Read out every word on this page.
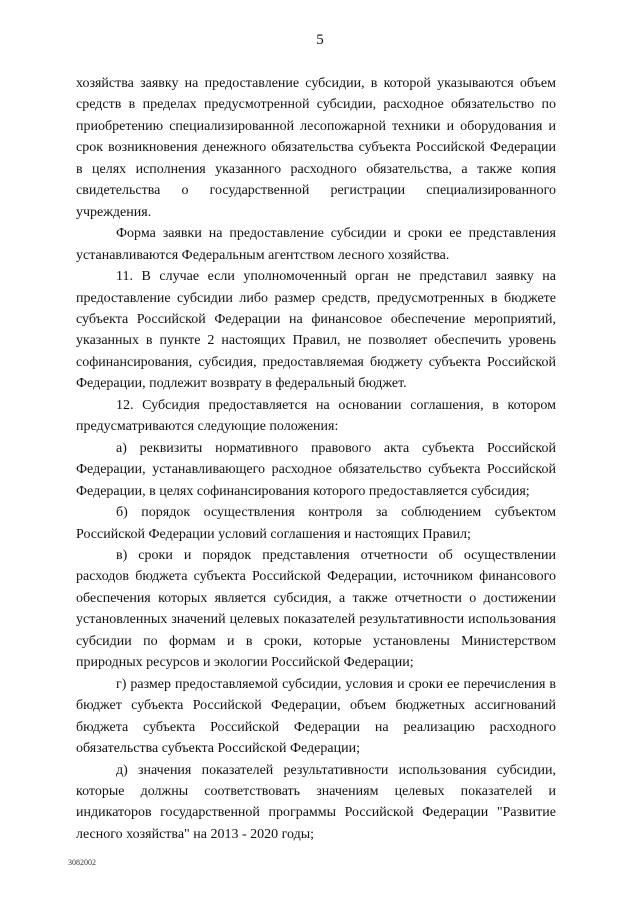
5

хозяйства заявку на предоставление субсидии, в которой указываются объем средств в пределах предусмотренной субсидии, расходное обязательство по приобретению специализированной лесопожарной техники и оборудования и срок возникновения денежного обязательства субъекта Российской Федерации в целях исполнения указанного расходного обязательства, а также копия свидетельства о государственной регистрации специализированного учреждения.

Форма заявки на предоставление субсидии и сроки ее представления устанавливаются Федеральным агентством лесного хозяйства.

11. В случае если уполномоченный орган не представил заявку на предоставление субсидии либо размер средств, предусмотренных в бюджете субъекта Российской Федерации на финансовое обеспечение мероприятий, указанных в пункте 2 настоящих Правил, не позволяет обеспечить уровень софинансирования, субсидия, предоставляемая бюджету субъекта Российской Федерации, подлежит возврату в федеральный бюджет.

12. Субсидия предоставляется на основании соглашения, в котором предусматриваются следующие положения:

а) реквизиты нормативного правового акта субъекта Российской Федерации, устанавливающего расходное обязательство субъекта Российской Федерации, в целях софинансирования которого предоставляется субсидия;

б) порядок осуществления контроля за соблюдением субъектом Российской Федерации условий соглашения и настоящих Правил;

в) сроки и порядок представления отчетности об осуществлении расходов бюджета субъекта Российской Федерации, источником финансового обеспечения которых является субсидия, а также отчетности о достижении установленных значений целевых показателей результативности использования субсидии по формам и в сроки, которые установлены Министерством природных ресурсов и экологии Российской Федерации;

г) размер предоставляемой субсидии, условия и сроки ее перечисления в бюджет субъекта Российской Федерации, объем бюджетных ассигнований бюджета субъекта Российской Федерации на реализацию расходного обязательства субъекта Российской Федерации;

д) значения показателей результативности использования субсидии, которые должны соответствовать значениям целевых показателей и индикаторов государственной программы Российской Федерации "Развитие лесного хозяйства" на 2013 - 2020 годы;

3082002
